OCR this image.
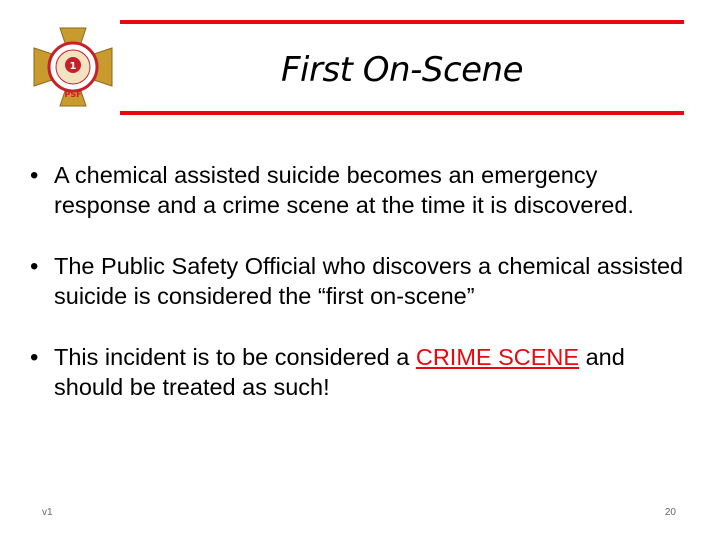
1
PSF
First On-Scene
• A chemical assisted suicide becomes an emergency response and a crime scene at the time it is discovered.
• The Public Safety Official who discovers a chemical assisted suicide is considered the “first on-scene”
• This incident is to be considered a CRIME SCENE and should be treated as such!
v1	20
